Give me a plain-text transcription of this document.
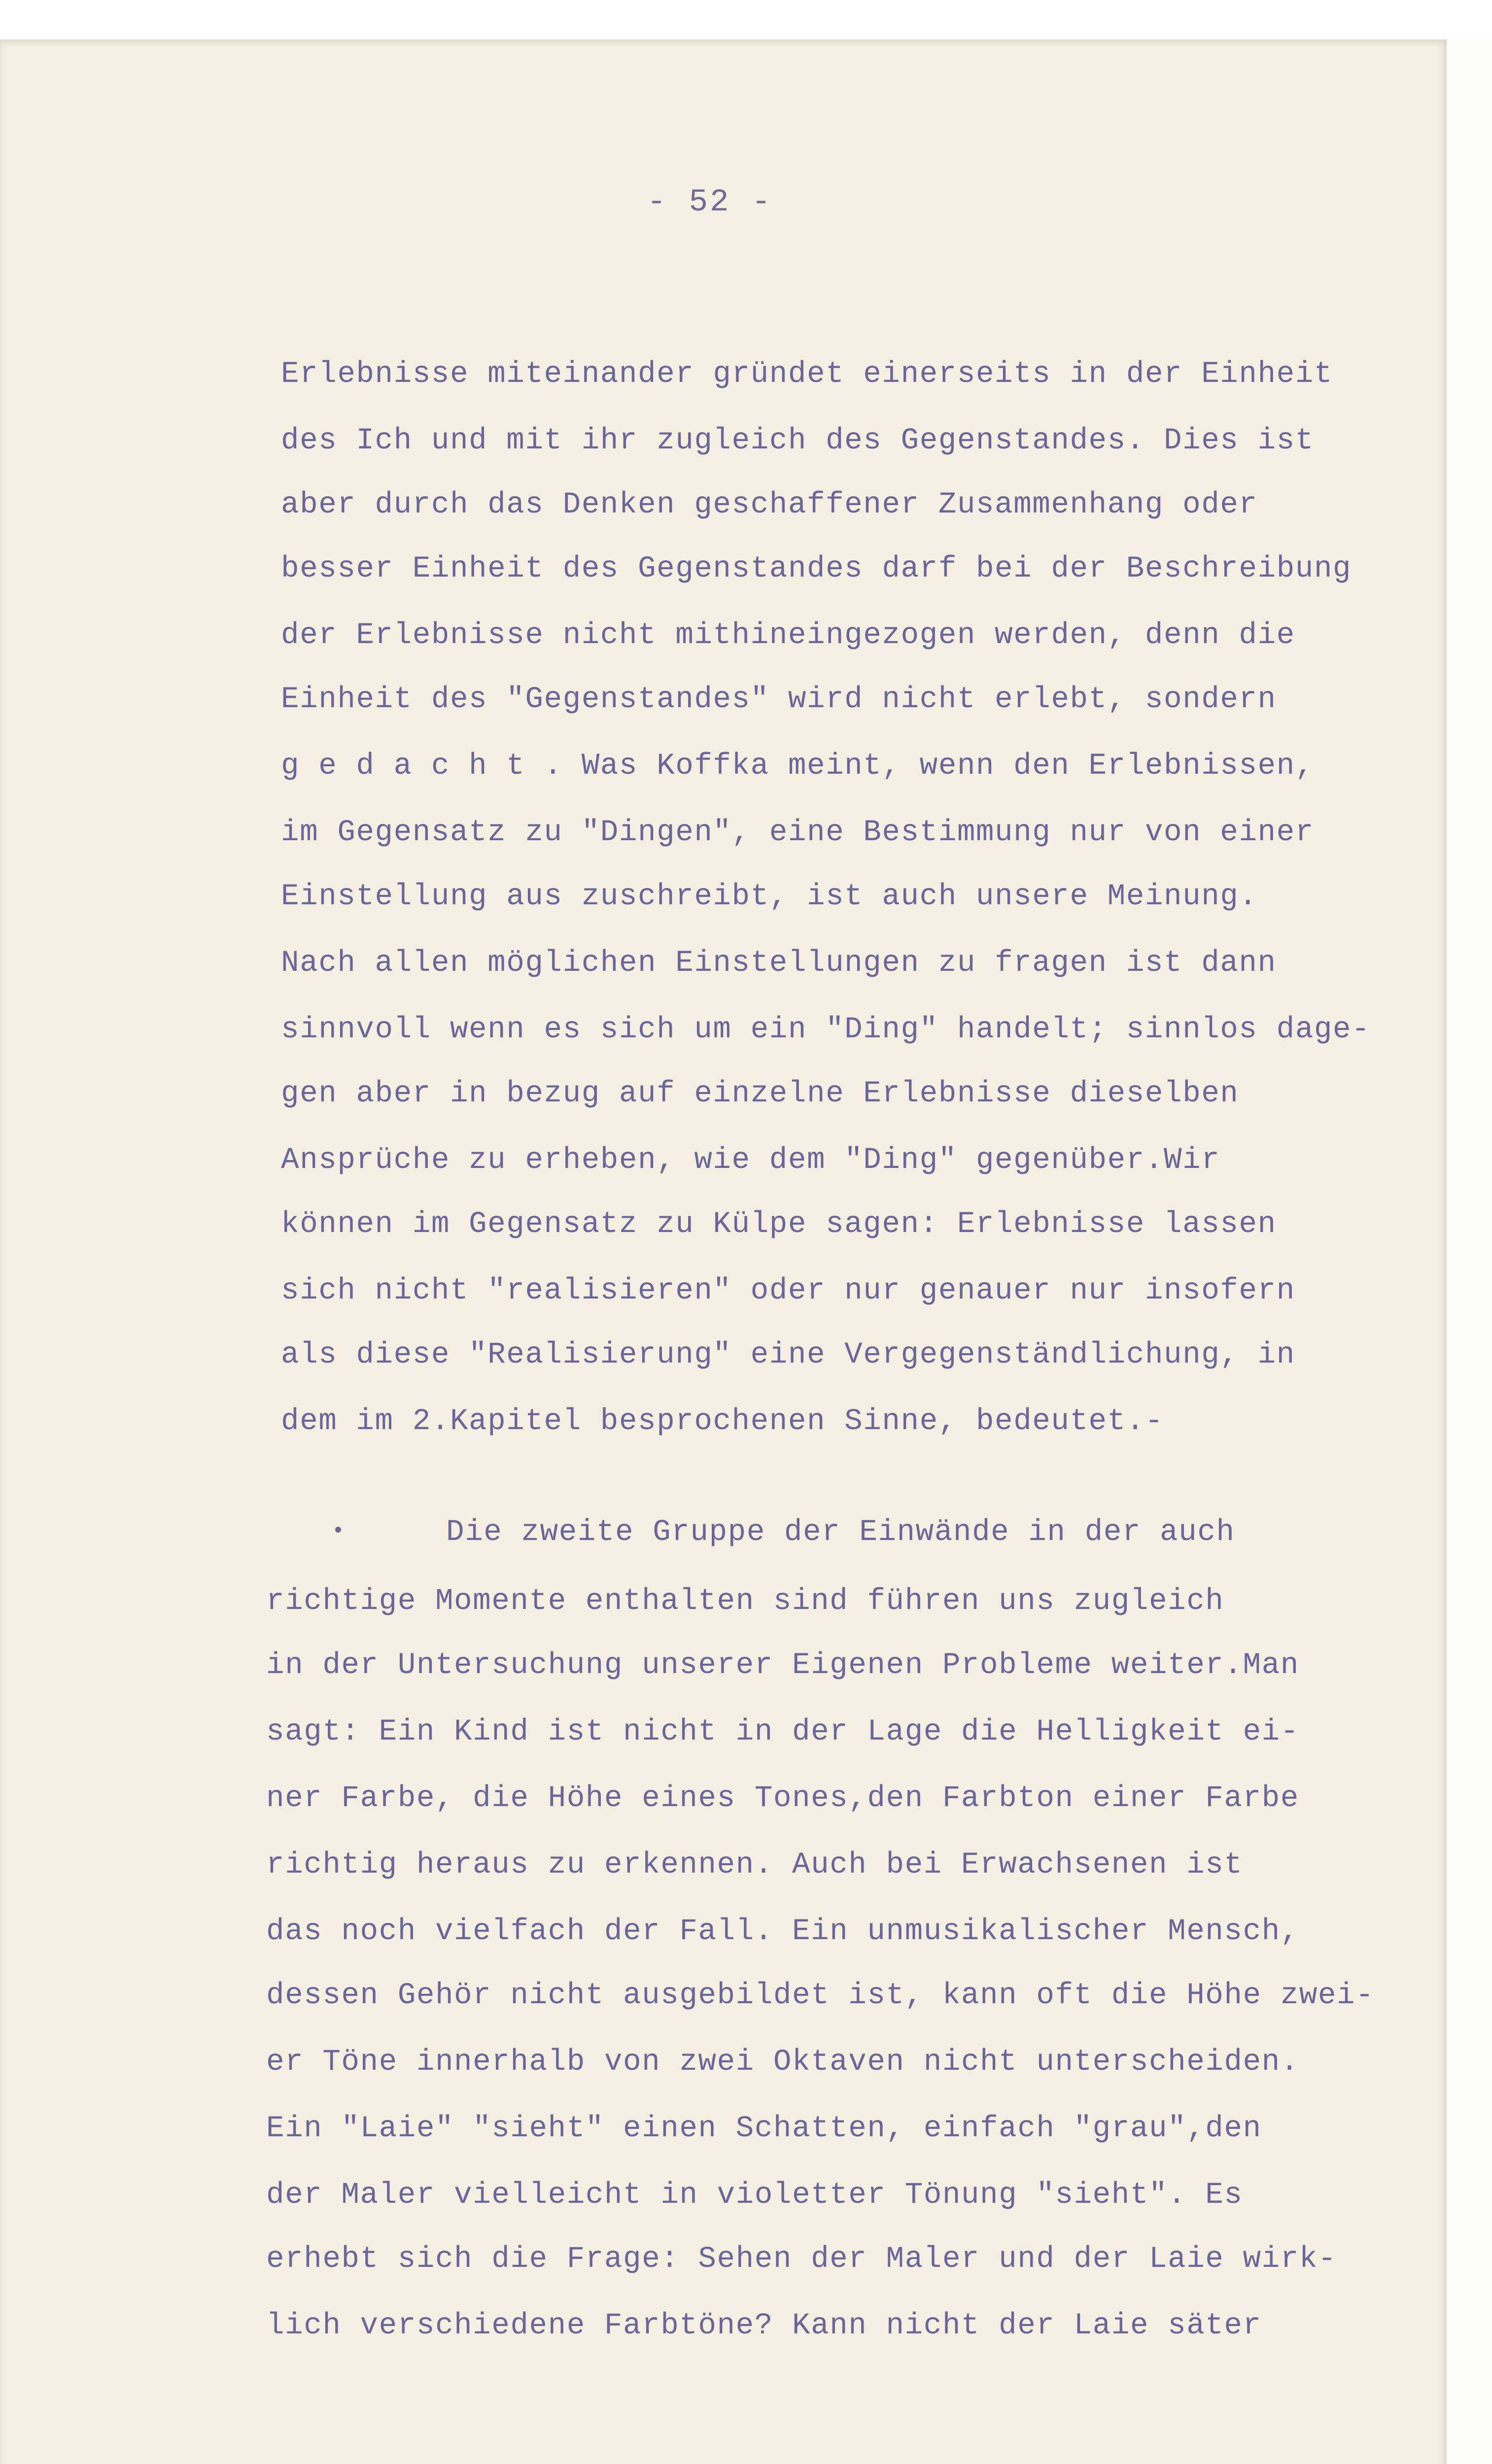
- 52 -
Erlebnisse miteinander gründet einerseits in der Einheit
des Ich und mit ihr zugleich des Gegenstandes. Dies ist
aber durch das Denken geschaffener Zusammenhang oder
besser Einheit des Gegenstandes darf bei der Beschreibung
der Erlebnisse nicht mithineingezogen werden, denn die
Einheit des "Gegenstandes" wird nicht erlebt, sondern
g e d a c h t . Was Koffka meint, wenn den Erlebnissen,
im Gegensatz zu "Dingen", eine Bestimmung nur von einer
Einstellung aus zuschreibt, ist auch unsere Meinung.
Nach allen möglichen Einstellungen zu fragen ist dann
sinnvoll wenn es sich um ein "Ding" handelt; sinnlos dage-
gen aber in bezug auf einzelne Erlebnisse dieselben
Ansprüche zu erheben, wie dem "Ding" gegenüber.Wir
können im Gegensatz zu Külpe sagen: Erlebnisse lassen
sich nicht "realisieren" oder nur genauer nur insofern
als diese "Realisierung" eine Vergegenständlichung, in
dem im 2.Kapitel besprochenen Sinne, bedeutet.-
Die zweite Gruppe der Einwände in der auch
richtige Momente enthalten sind führen uns zugleich
in der Untersuchung unserer Eigenen Probleme weiter.Man
sagt: Ein Kind ist nicht in der Lage die Helligkeit ei-
ner Farbe, die Höhe eines Tones,den Farbton einer Farbe
richtig heraus zu erkennen. Auch bei Erwachsenen ist
das noch vielfach der Fall. Ein unmusikalischer Mensch,
dessen Gehör nicht ausgebildet ist, kann oft die Höhe zwei-
er Töne innerhalb von zwei Oktaven nicht unterscheiden.
Ein "Laie" "sieht" einen Schatten, einfach "grau",den
der Maler vielleicht in violetter Tönung "sieht". Es
erhebt sich die Frage: Sehen der Maler und der Laie wirk-
lich verschiedene Farbtöne? Kann nicht der Laie säter
